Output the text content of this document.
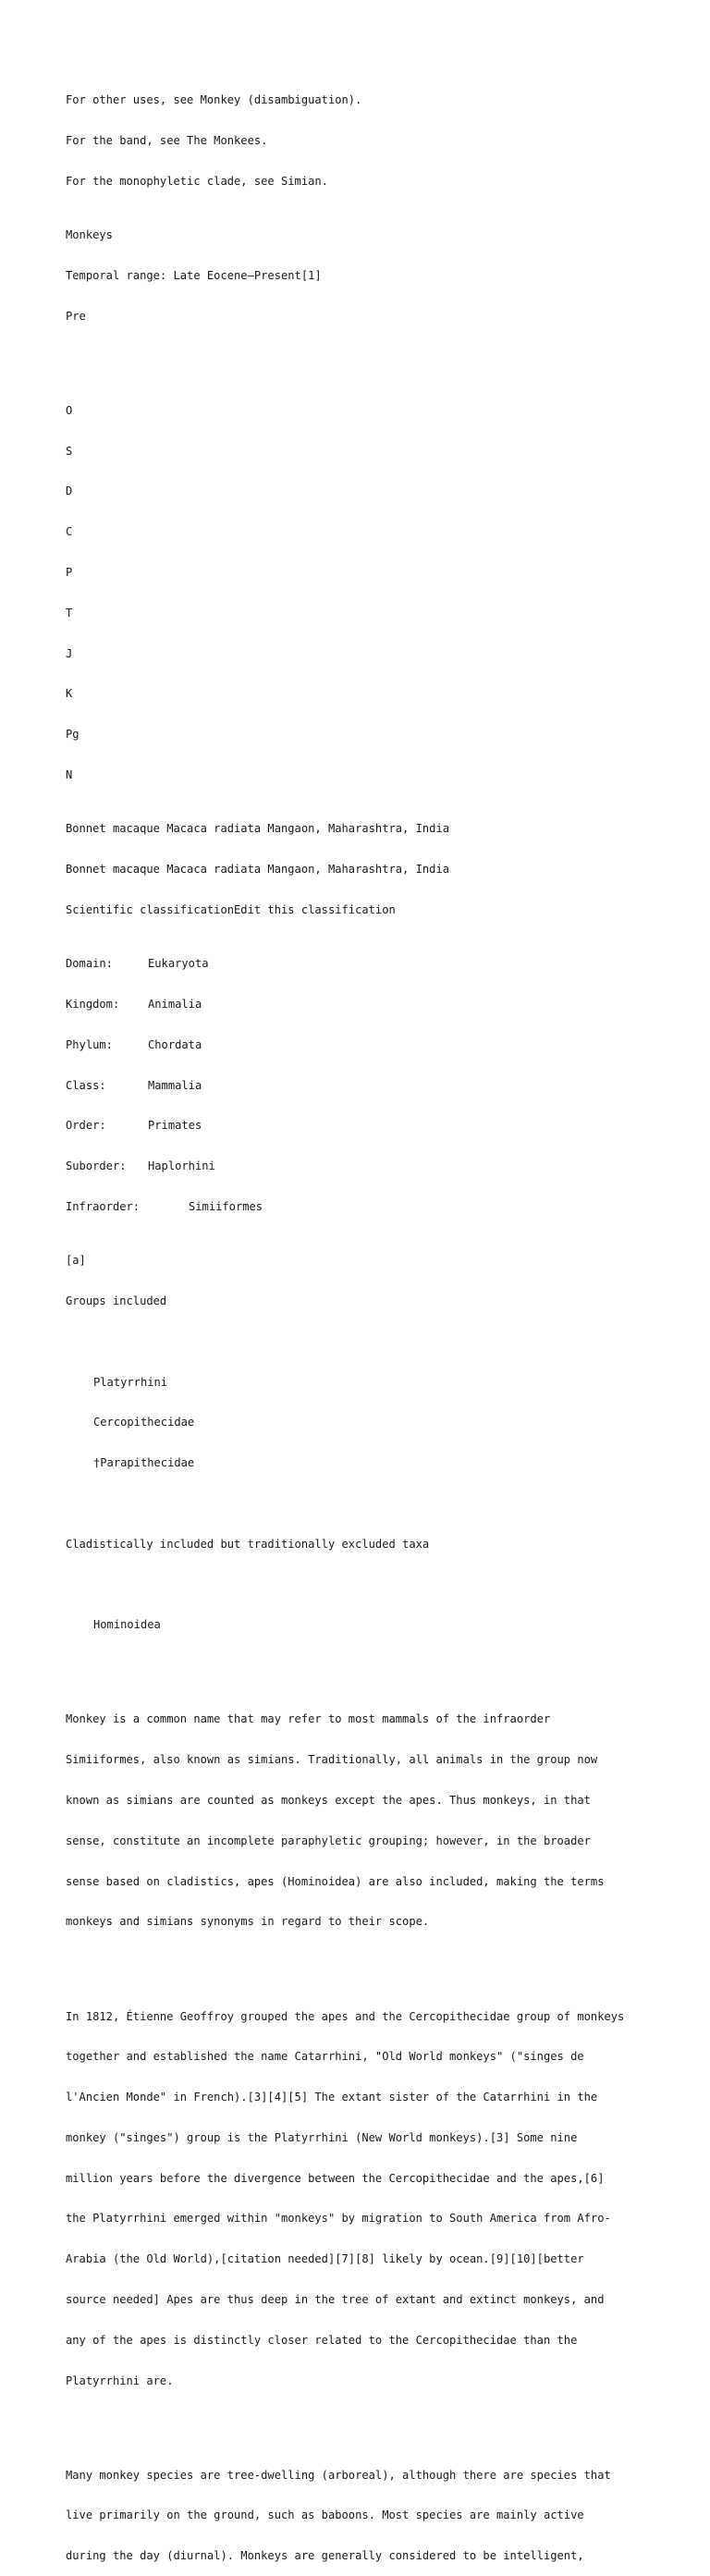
For other uses, see Monkey (disambiguation).

For the band, see The Monkees.

For the monophyletic clade, see Simian.

Monkeys

Temporal range: Late Eocene–Present[1]

Pre

O

S

D

C

P

T

J

K

Pg

N

Bonnet macaque Macaca radiata Mangaon, Maharashtra, India

Bonnet macaque Macaca radiata Mangaon, Maharashtra, India

Scientific classificationEdit this classification

Domain:	Eukaryota

Kingdom:	Animalia

Phylum:	Chordata

Class:	Mammalia

Order:	Primates

Suborder: Haplorhini

Infraorder:	Simiiformes

[a]

Groups included

Platyrrhini

Cercopithecidae

†Parapithecidae

Cladistically included but traditionally excluded taxa

Hominoidea

Monkey is a common name that may refer to most mammals of the infraorder

Simiiformes, also known as simians. Traditionally, all animals in the group now

known as simians are counted as monkeys except the apes. Thus monkeys, in that

sense, constitute an incomplete paraphyletic grouping; however, in the broader

sense based on cladistics, apes (Hominoidea) are also included, making the terms

monkeys and simians synonyms in regard to their scope.

In 1812, Étienne Geoffroy grouped the apes and the Cercopithecidae group of monkeys

together and established the name Catarrhini, "Old World monkeys" ("singes de

l'Ancien Monde" in French).[3][4][5] The extant sister of the Catarrhini in the

monkey ("singes") group is the Platyrrhini (New World monkeys).[3] Some nine

million years before the divergence between the Cercopithecidae and the apes,[6]

the Platyrrhini emerged within "monkeys" by migration to South America from Afro-

Arabia (the Old World),[citation needed][7][8] likely by ocean.[9][10][better

source needed] Apes are thus deep in the tree of extant and extinct monkeys, and

any of the apes is distinctly closer related to the Cercopithecidae than the

Platyrrhini are.

Many monkey species are tree-dwelling (arboreal), although there are species that

live primarily on the ground, such as baboons. Most species are mainly active

during the day (diurnal). Monkeys are generally considered to be intelligent,
